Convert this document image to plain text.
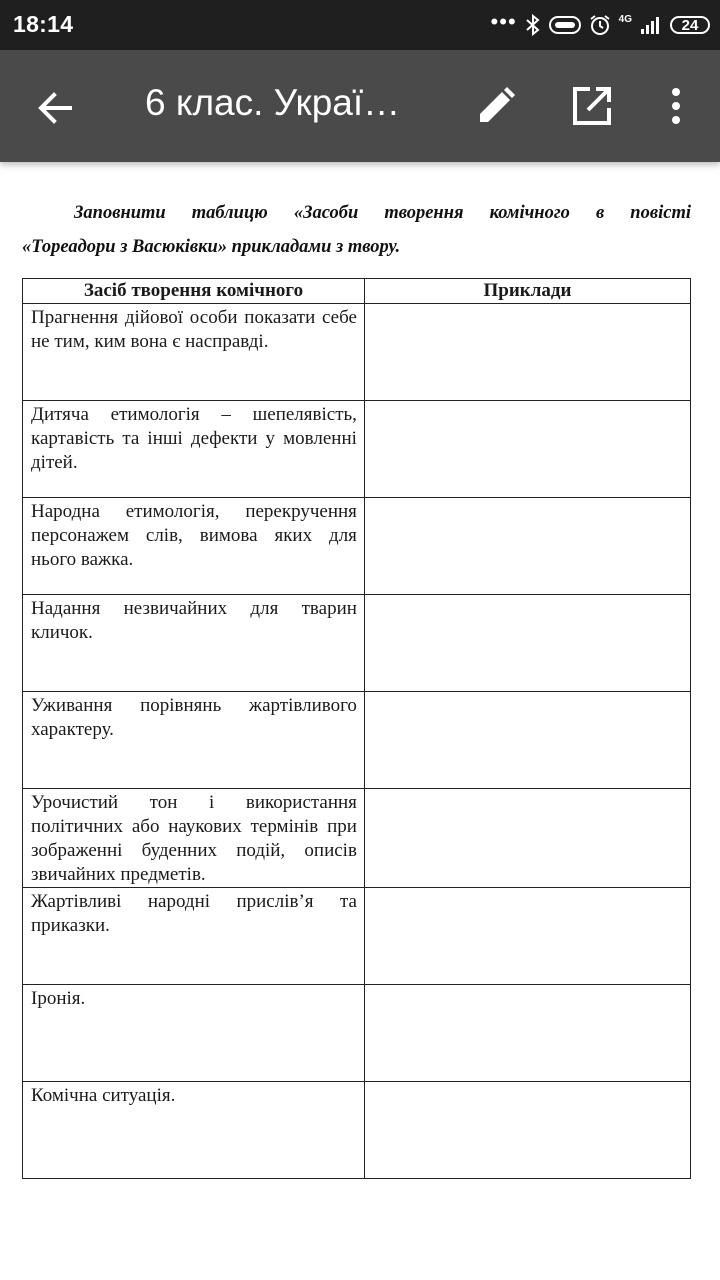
18:14	•••	4G	24
6 клас. Украї…

Заповнити таблицю «Засоби творення комічного в повісті

«Тореадори з Васюківки» прикладами з твору.
Засіб творення комічного	Приклади
Прагнення дійової особи показати себе не тим, ким вона є насправді.	
Дитяча етимологія – шепелявість, картавість та інші дефекти у мовленні дітей.	
Народна етимологія, перекручення персонажем слів, вимова яких для нього важка.	
Надання незвичайних для тварин кличок.	
Уживання порівнянь жартівливого характеру.	
Урочистий тон і використання політичних або наукових термінів при зображенні буденних подій, описів звичайних предметів.	
Жартівливі народні прислів’я та приказки.	
Іронія.	
Комічна ситуація.	
